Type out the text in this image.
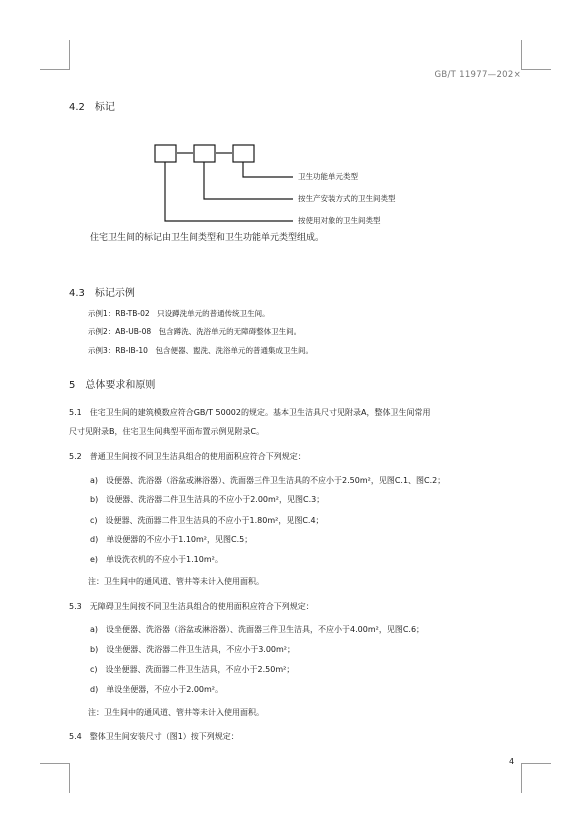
GB/T 11977—202×
4.2　标记
卫生功能单元类型
按生产安装方式的卫生间类型
按使用对象的卫生间类型
住宅卫生间的标记由卫生间类型和卫生功能单元类型组成。
4.3　标记示例
示例1：RB-TB-02　只设蹲洗单元的普通传统卫生间。
示例2：AB-UB-08　包含蹲洗、洗浴单元的无障碍整体卫生间。
示例3：RB-IB-10　包含便器、盥洗、洗浴单元的普通集成卫生间。
5　总体要求和原则
5.1　住宅卫生间的建筑模数应符合GB/T 50002的规定。基本卫生洁具尺寸见附录A，整体卫生间常用
尺寸见附录B，住宅卫生间典型平面布置示例见附录C。
5.2　普通卫生间按不同卫生洁具组合的使用面积应符合下列规定：
a)　设便器、洗浴器（浴盆或淋浴器）、洗面器三件卫生洁具的不应小于2.50m²，见图C.1、图C.2；
b)　设便器、洗浴器二件卫生洁具的不应小于2.00m²，见图C.3；
c)　设便器、洗面器二件卫生洁具的不应小于1.80m²，见图C.4；
d)　单设便器的不应小于1.10m²，见图C.5；
e)　单设洗衣机的不应小于1.10m²。
注：卫生间中的通风道、管井等未计入使用面积。
5.3　无障碍卫生间按不同卫生洁具组合的使用面积应符合下列规定：
a)　设坐便器、洗浴器（浴盆或淋浴器）、洗面器三件卫生洁具，不应小于4.00m²，见图C.6；
b)　设坐便器、洗浴器二件卫生洁具，不应小于3.00m²；
c)　设坐便器、洗面器二件卫生洁具，不应小于2.50m²；
d)　单设坐便器，不应小于2.00m²。
注：卫生间中的通风道、管井等未计入使用面积。
5.4　整体卫生间安装尺寸（图1）按下列规定：
4
